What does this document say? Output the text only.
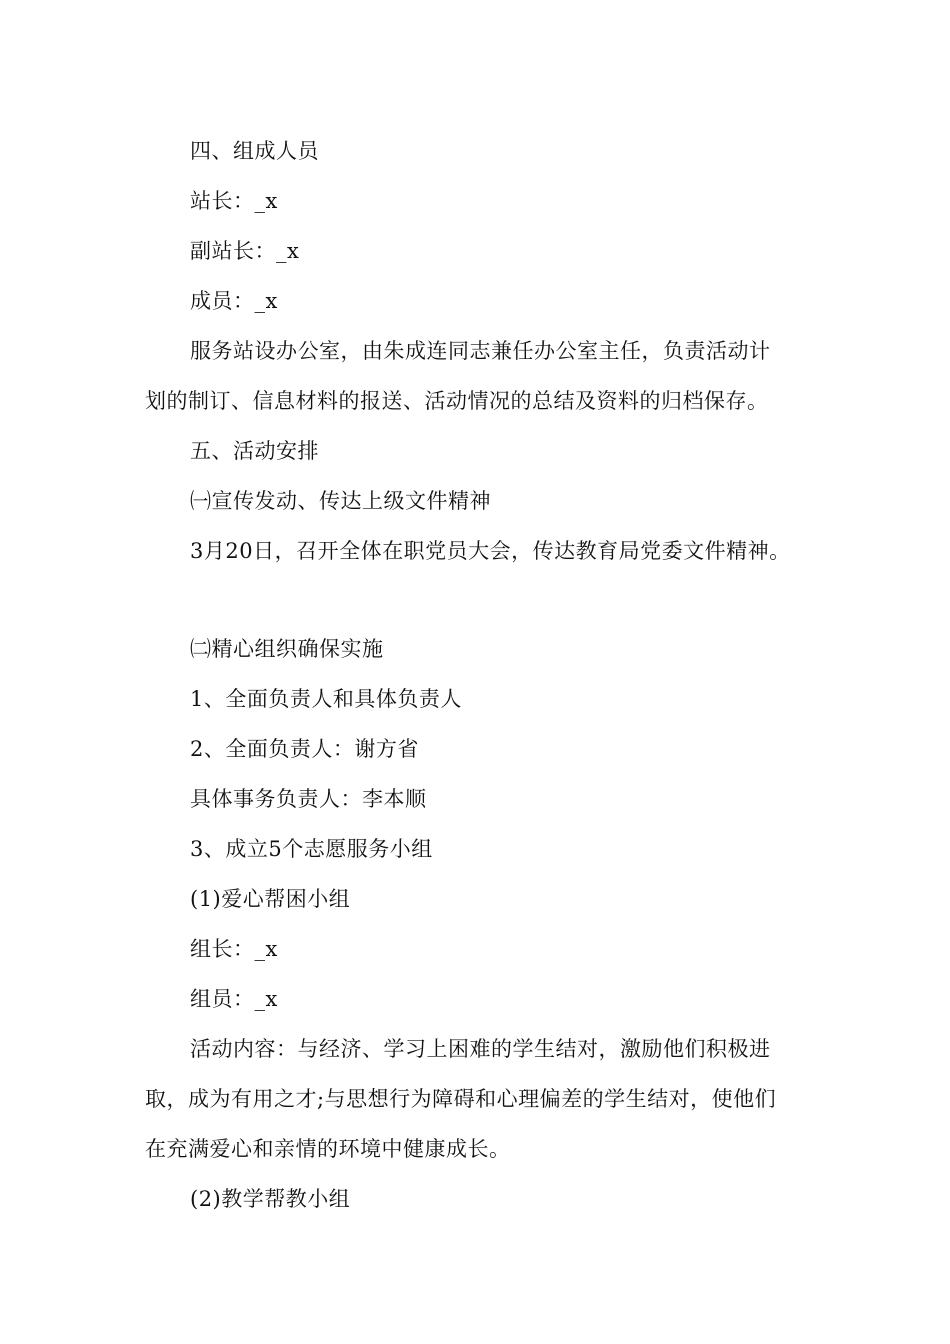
四、组成人员
站长：_x
副站长：_x
成员：_x
服务站设办公室，由朱成连同志兼任办公室主任，负责活动计
划的制订、信息材料的报送、活动情况的总结及资料的归档保存。
五、活动安排
㈠宣传发动、传达上级文件精神
3月20日，召开全体在职党员大会，传达教育局党委文件精神。
㈡精心组织确保实施
1、全面负责人和具体负责人
2、全面负责人：谢方省
具体事务负责人：李本顺
3、成立5个志愿服务小组
(1)爱心帮困小组
组长：_x
组员：_x
活动内容：与经济、学习上困难的学生结对，激励他们积极进
取，成为有用之才;与思想行为障碍和心理偏差的学生结对，使他们
在充满爱心和亲情的环境中健康成长。
(2)教学帮教小组
